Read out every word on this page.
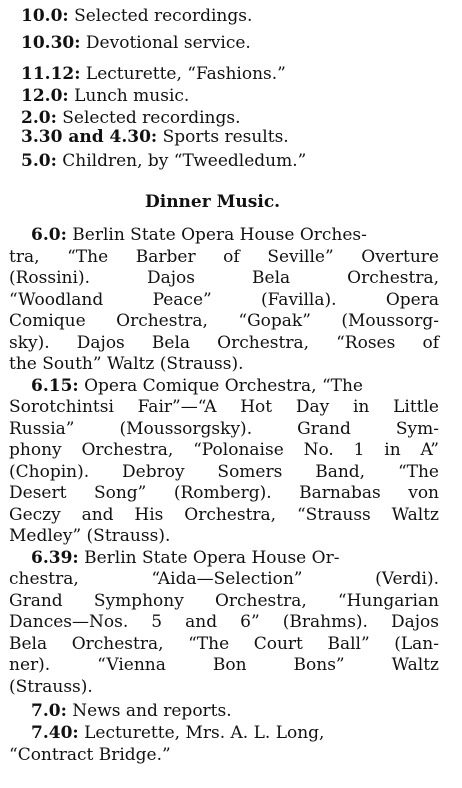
10.0: Selected recordings.
10.30: Devotional service.
11.12: Lecturette, “Fashions.”
12.0: Lunch music.
2.0: Selected recordings.
3.30 and 4.30: Sports results.
5.0: Children, by “Tweedledum.”
Dinner Music.
6.0: Berlin State Opera House Orches-
tra, “The Barber of Seville” Overture
(Rossini). Dajos Bela Orchestra,
“Woodland Peace” (Favilla). Opera
Comique Orchestra, “Gopak” (Moussorg-
sky). Dajos Bela Orchestra, “Roses of
the South” Waltz (Strauss).
6.15: Opera Comique Orchestra, “The
Sorotchintsi Fair”—“A Hot Day in Little
Russia” (Moussorgsky). Grand Sym-
phony Orchestra, “Polonaise No. 1 in A”
(Chopin). Debroy Somers Band, “The
Desert Song” (Romberg). Barnabas von
Geczy and His Orchestra, “Strauss Waltz
Medley” (Strauss).
6.39: Berlin State Opera House Or-
chestra, “Aida—Selection” (Verdi).
Grand Symphony Orchestra, “Hungarian
Dances—Nos. 5 and 6” (Brahms). Dajos
Bela Orchestra, “The Court Ball” (Lan-
ner). “Vienna Bon Bons” Waltz
(Strauss).
7.0: News and reports.
7.40: Lecturette, Mrs. A. L. Long,
“Contract Bridge.”
